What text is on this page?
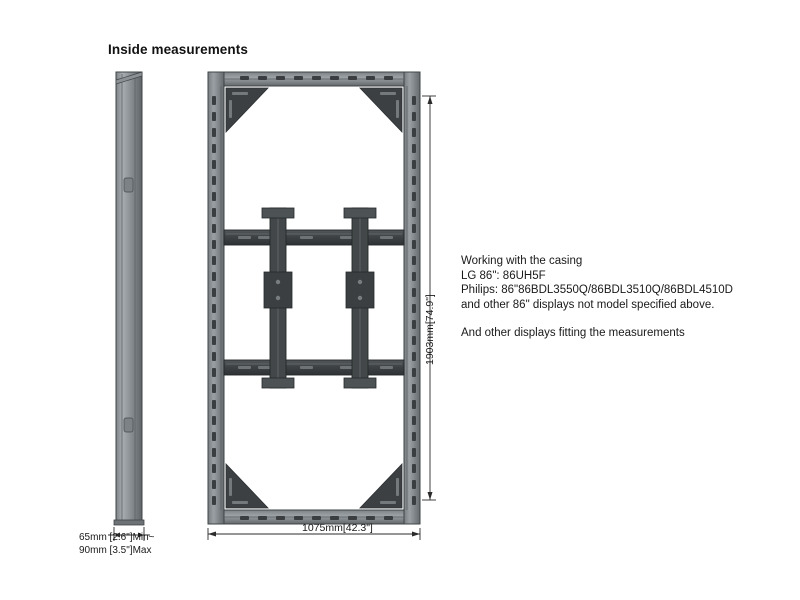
Inside measurements
1075mm[42.3"]
1903mm[74.9"]
65mm [2.6"]Min~
90mm [3.5"]Max
Working with the casing
LG 86": 86UH5F
Philips: 86"86BDL3550Q/86BDL3510Q/86BDL4510D
and other 86" displays not model specified above.
And other displays fitting the measurements
